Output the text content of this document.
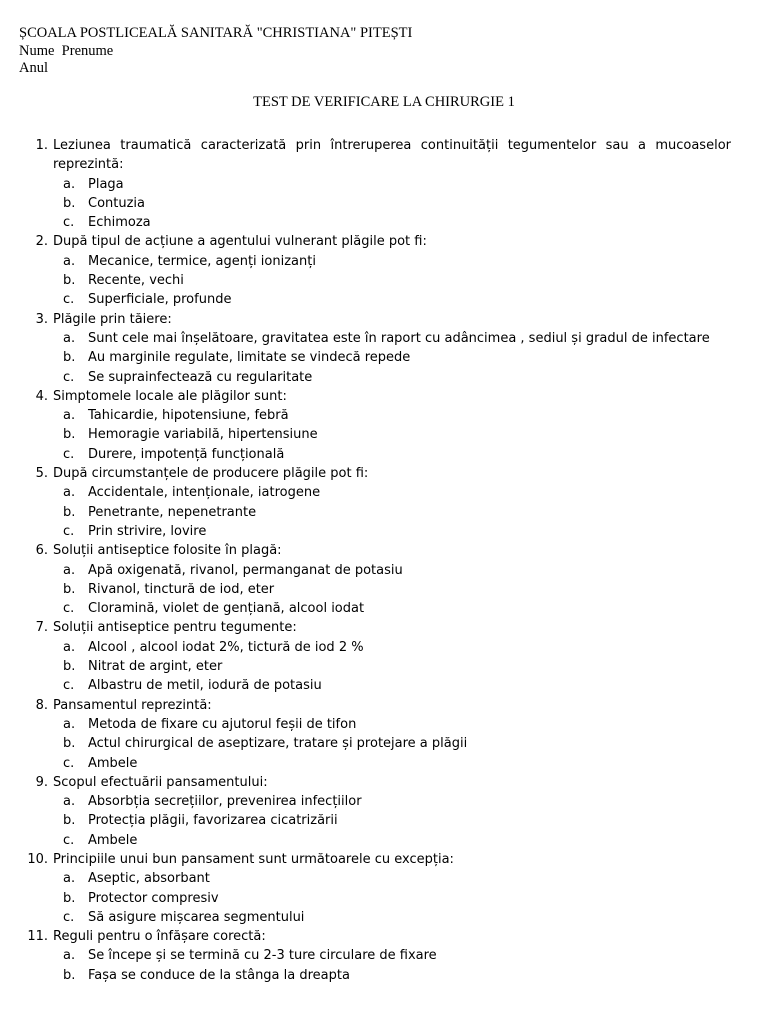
ȘCOALA POSTLICEALĂ SANITARĂ "CHRISTIANA" PITEȘTI
Nume  Prenume
Anul
TEST DE VERIFICARE LA CHIRURGIE 1
1. Leziunea traumatică caracterizată prin întreruperea continuității tegumentelor sau a mucoaselor reprezintă:
a. Plaga
b. Contuzia
c. Echimoza
2. După tipul de acțiune a agentului vulnerant plăgile pot fi:
a. Mecanice, termice, agenți ionizanți
b. Recente, vechi
c. Superficiale, profunde
3. Plăgile prin tăiere:
a. Sunt cele mai înșelătoare, gravitatea este în raport cu adâncimea , sediul și gradul de infectare
b. Au marginile regulate, limitate se vindecă repede
c. Se suprainfectează cu regularitate
4. Simptomele locale ale plăgilor sunt:
a. Tahicardie, hipotensiune, febră
b. Hemoragie variabilă, hipertensiune
c. Durere, impotență funcțională
5. După circumstanțele de producere plăgile pot fi:
a. Accidentale, intenționale, iatrogene
b. Penetrante, nepenetrante
c. Prin strivire, lovire
6. Soluții antiseptice folosite în plagă:
a. Apă oxigenată, rivanol, permanganat de potasiu
b. Rivanol, tinctură de iod, eter
c. Cloramină, violet de gențiană, alcool iodat
7. Soluții antiseptice pentru tegumente:
a. Alcool , alcool iodat 2%, tictură de iod 2 %
b. Nitrat de argint, eter
c. Albastru de metil, iodură de potasiu
8. Pansamentul reprezintă:
a. Metoda de fixare cu ajutorul feșii de tifon
b. Actul chirurgical de aseptizare, tratare și protejare a plăgii
c. Ambele
9. Scopul efectuării pansamentului:
a. Absorbția secrețiilor, prevenirea infecțiilor
b. Protecția plăgii, favorizarea cicatrizării
c. Ambele
10. Principiile unui bun pansament sunt următoarele cu excepția:
a. Aseptic, absorbant
b. Protector compresiv
c. Să asigure mișcarea segmentului
11. Reguli pentru o înfășare corectă:
a. Se începe și se termină cu 2-3 ture circulare de fixare
b. Fașa se conduce de la stânga la dreapta
